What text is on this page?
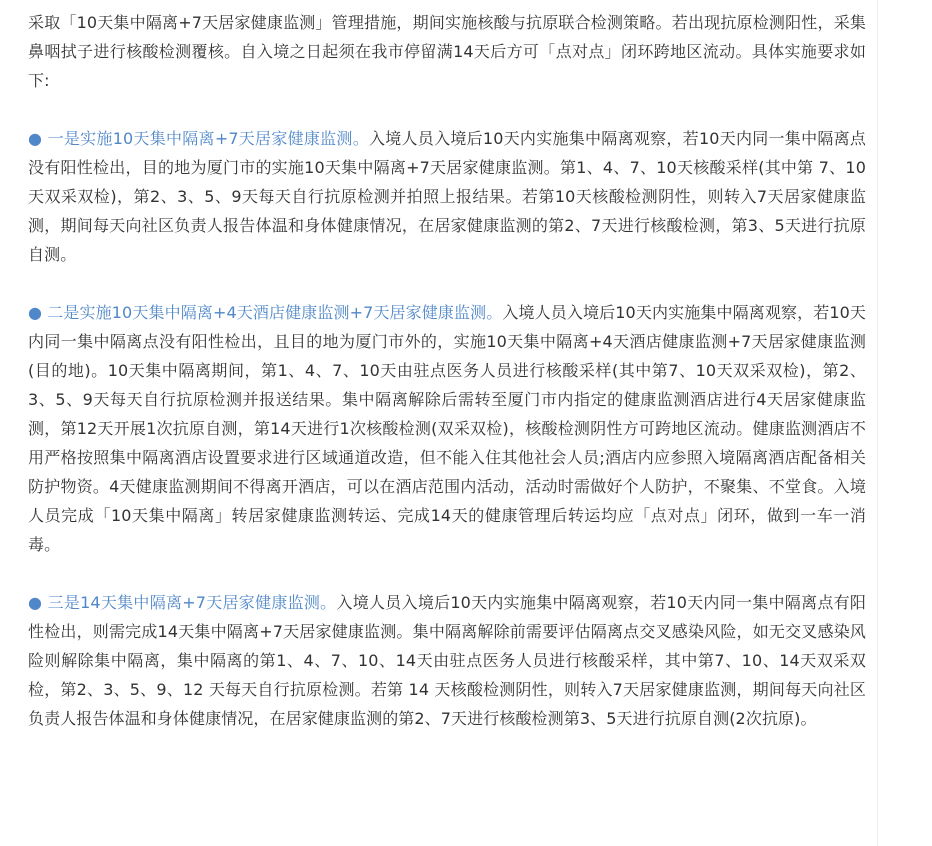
采取「10天集中隔离+7天居家健康监测」管理措施，期间实施核酸与抗原联合检测策略。若出现抗原检测阳性，采集鼻咽拭子进行核酸检测覆核。自入境之日起须在我市停留满14天后方可「点对点」闭环跨地区流动。具体实施要求如下:

● 一是实施10天集中隔离+7天居家健康监测。入境人员入境后10天内实施集中隔离观察，若10天内同一集中隔离点没有阳性检出，目的地为厦门市的实施10天集中隔离+7天居家健康监测。第1、4、7、10天核酸采样(其中第 7、10天双采双检)，第2、3、5、9天每天自行抗原检测并拍照上报结果。若第10天核酸检测阴性，则转入7天居家健康监测，期间每天向社区负责人报告体温和身体健康情况，在居家健康监测的第2、7天进行核酸检测，第3、5天进行抗原自测。

● 二是实施10天集中隔离+4天酒店健康监测+7天居家健康监测。入境人员入境后10天内实施集中隔离观察，若10天内同一集中隔离点没有阳性检出，且目的地为厦门市外的，实施10天集中隔离+4天酒店健康监测+7天居家健康监测(目的地)。10天集中隔离期间，第1、4、7、10天由驻点医务人员进行核酸采样(其中第7、10天双采双检)，第2、3、5、9天每天自行抗原检测并报送结果。集中隔离解除后需转至厦门市内指定的健康监测酒店进行4天居家健康监测，第12天开展1次抗原自测，第14天进行1次核酸检测(双采双检)，核酸检测阴性方可跨地区流动。健康监测酒店不用严格按照集中隔离酒店设置要求进行区域通道改造，但不能入住其他社会人员;酒店内应参照入境隔离酒店配备相关防护物资。4天健康监测期间不得离开酒店，可以在酒店范围内活动，活动时需做好个人防护，不聚集、不堂食。入境人员完成「10天集中隔离」转居家健康监测转运、完成14天的健康管理后转运均应「点对点」闭环，做到一车一消毒。

● 三是14天集中隔离+7天居家健康监测。入境人员入境后10天内实施集中隔离观察，若10天内同一集中隔离点有阳性检出，则需完成14天集中隔离+7天居家健康监测。集中隔离解除前需要评估隔离点交叉感染风险，如无交叉感染风险则解除集中隔离，集中隔离的第1、4、7、10、14天由驻点医务人员进行核酸采样，其中第7、10、14天双采双检，第2、3、5、9、12 天每天自行抗原检测。若第 14 天核酸检测阴性，则转入7天居家健康监测，期间每天向社区负责人报告体温和身体健康情况，在居家健康监测的第2、7天进行核酸检测第3、5天进行抗原自测(2次抗原)。
